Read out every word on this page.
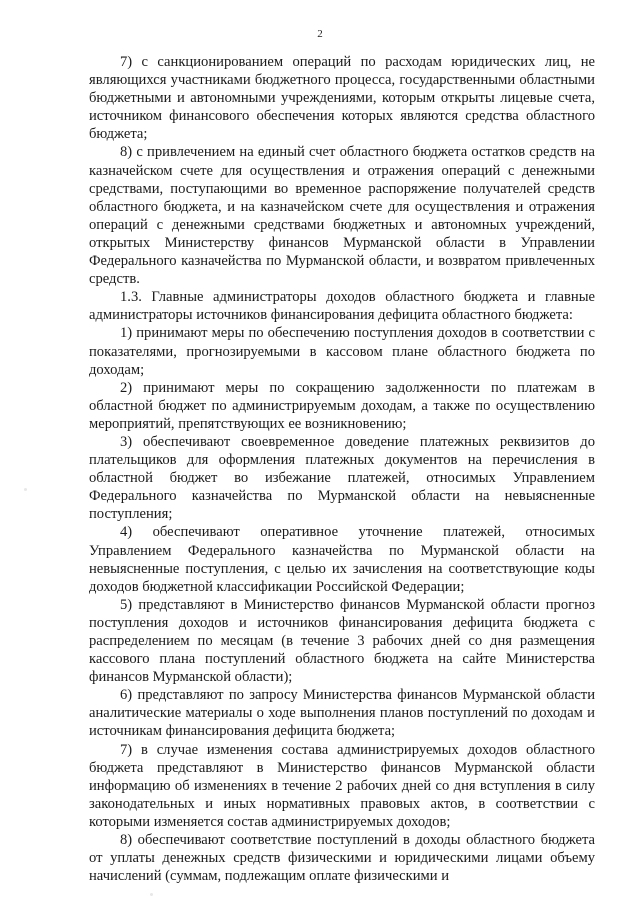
2

7) с санкционированием операций по расходам юридических лиц, не являющихся участниками бюджетного процесса, государственными областными бюджетными и автономными учреждениями, которым открыты лицевые счета, источником финансового обеспечения которых являются средства областного бюджета;

8) с привлечением на единый счет областного бюджета остатков средств на казначейском счете для осуществления и отражения операций с денежными средствами, поступающими во временное распоряжение получателей средств областного бюджета, и на казначейском счете для осуществления и отражения операций с денежными средствами бюджетных и автономных учреждений, открытых Министерству финансов Мурманской области в Управлении Федерального казначейства по Мурманской области, и возвратом привлеченных средств.

1.3. Главные администраторы доходов областного бюджета и главные администраторы источников финансирования дефицита областного бюджета:

1) принимают меры по обеспечению поступления доходов в соответствии с показателями, прогнозируемыми в кассовом плане областного бюджета по доходам;

2) принимают меры по сокращению задолженности по платежам в областной бюджет по администрируемым доходам, а также по осуществлению мероприятий, препятствующих ее возникновению;

3) обеспечивают своевременное доведение платежных реквизитов до плательщиков для оформления платежных документов на перечисления в областной бюджет во избежание платежей, относимых Управлением Федерального казначейства по Мурманской области на невыясненные поступления;

4) обеспечивают оперативное уточнение платежей, относимых Управлением Федерального казначейства по Мурманской области на невыясненные поступления, с целью их зачисления на соответствующие коды доходов бюджетной классификации Российской Федерации;

5) представляют в Министерство финансов Мурманской области прогноз поступления доходов и источников финансирования дефицита бюджета с распределением по месяцам (в течение 3 рабочих дней со дня размещения кассового плана поступлений областного бюджета на сайте Министерства финансов Мурманской области);

6) представляют по запросу Министерства финансов Мурманской области аналитические материалы о ходе выполнения планов поступлений по доходам и источникам финансирования дефицита бюджета;

7) в случае изменения состава администрируемых доходов областного бюджета представляют в Министерство финансов Мурманской области информацию об изменениях в течение 2 рабочих дней со дня вступления в силу законодательных и иных нормативных правовых актов, в соответствии с которыми изменяется состав администрируемых доходов;

8) обеспечивают соответствие поступлений в доходы областного бюджета от уплаты денежных средств физическими и юридическими лицами объему начислений (суммам, подлежащим оплате физическими и
